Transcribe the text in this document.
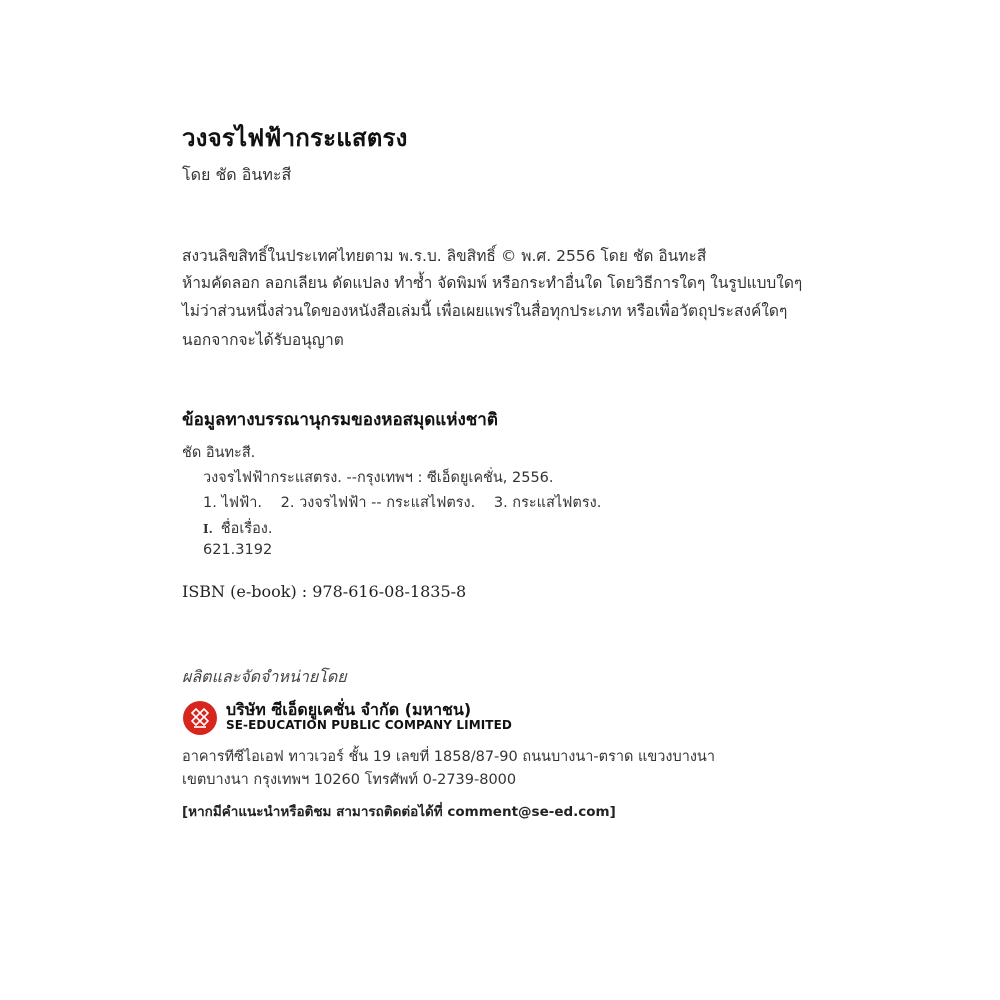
วงจรไฟฟ้ากระแสตรง
โดย ชัด อินทะสี
สงวนลิขสิทธิ์ในประเทศไทยตาม พ.ร.บ. ลิขสิทธิ์ © พ.ศ. 2556 โดย ชัด อินทะสี
ห้ามคัดลอก ลอกเลียน ดัดแปลง ทำซ้ำ จัดพิมพ์ หรือกระทำอื่นใด โดยวิธีการใดๆ ในรูปแบบใดๆ
ไม่ว่าส่วนหนึ่งส่วนใดของหนังสือเล่มนี้ เพื่อเผยแพร่ในสื่อทุกประเภท หรือเพื่อวัตถุประสงค์ใดๆ
นอกจากจะได้รับอนุญาต
ข้อมูลทางบรรณานุกรมของหอสมุดแห่งชาติ
ชัด อินทะสี.
วงจรไฟฟ้ากระแสตรง. --กรุงเทพฯ : ซีเอ็ดยูเคชั่น, 2556.
1. ไฟฟ้า. 2. วงจรไฟฟ้า -- กระแสไฟตรง. 3. กระแสไฟตรง.
I. ชื่อเรื่อง.
621.3192
ISBN (e-book) : 978-616-08-1835-8
ผลิตและจัดจำหน่ายโดย
บริษัท ซีเอ็ดยูเคชั่น จำกัด (มหาชน)
SE-EDUCATION PUBLIC COMPANY LIMITED
อาคารทีซีไอเอฟ ทาวเวอร์ ชั้น 19 เลขที่ 1858/87-90 ถนนบางนา-ตราด แขวงบางนา
เขตบางนา กรุงเทพฯ 10260 โทรศัพท์ 0-2739-8000
[หากมีคำแนะนำหรือติชม สามารถติดต่อได้ที่ comment@se-ed.com]
